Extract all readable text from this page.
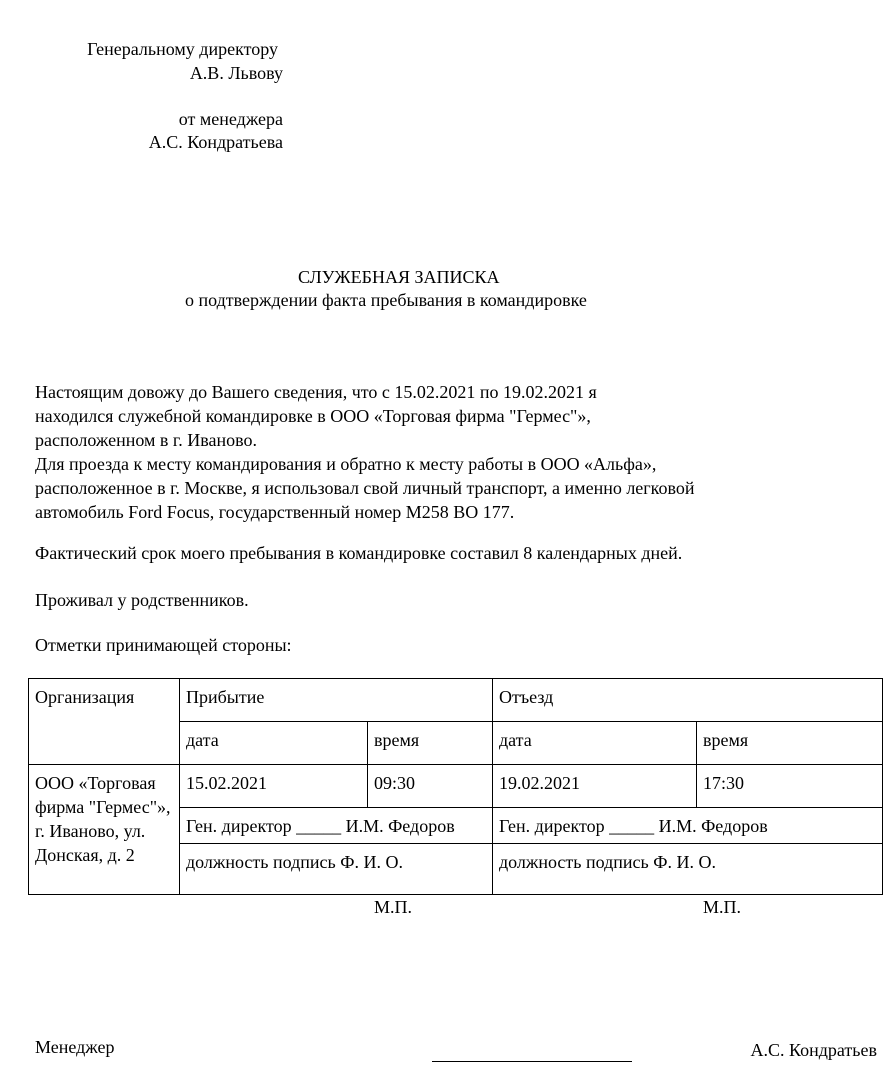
Генеральному директору
А.В. Львову
от менеджера
А.С. Кондратьева
СЛУЖЕБНАЯ ЗАПИСКА
о подтверждении факта пребывания в командировке
Настоящим довожу до Вашего сведения, что с 15.02.2021 по 19.02.2021 я
находился служебной командировке в ООО «Торговая фирма "Гермес"»,
расположенном в г. Иваново.
Для проезда к месту командирования и обратно к месту работы в ООО «Альфа»,
расположенное в г. Москве, я использовал свой личный транспорт, а именно легковой
автомобиль Ford Focus, государственный номер М258 ВО 177.
Фактический срок моего пребывания в командировке составил 8 календарных дней.
Проживал у родственников.
Отметки принимающей стороны:
Организация	Прибытие		Отъезд	
	дата	время	дата	время
ООО «Торговая фирма "Гермес"», г. Иваново, ул. Донская, д. 2	15.02.2021	09:30	19.02.2021	17:30
	Ген. директор _____ И.М. Федоров		Ген. директор _____ И.М. Федоров	
	должность подпись Ф. И. О.		должность подпись Ф. И. О.	
М.П.	М.П.
Менеджер	А.С. Кондратьев
